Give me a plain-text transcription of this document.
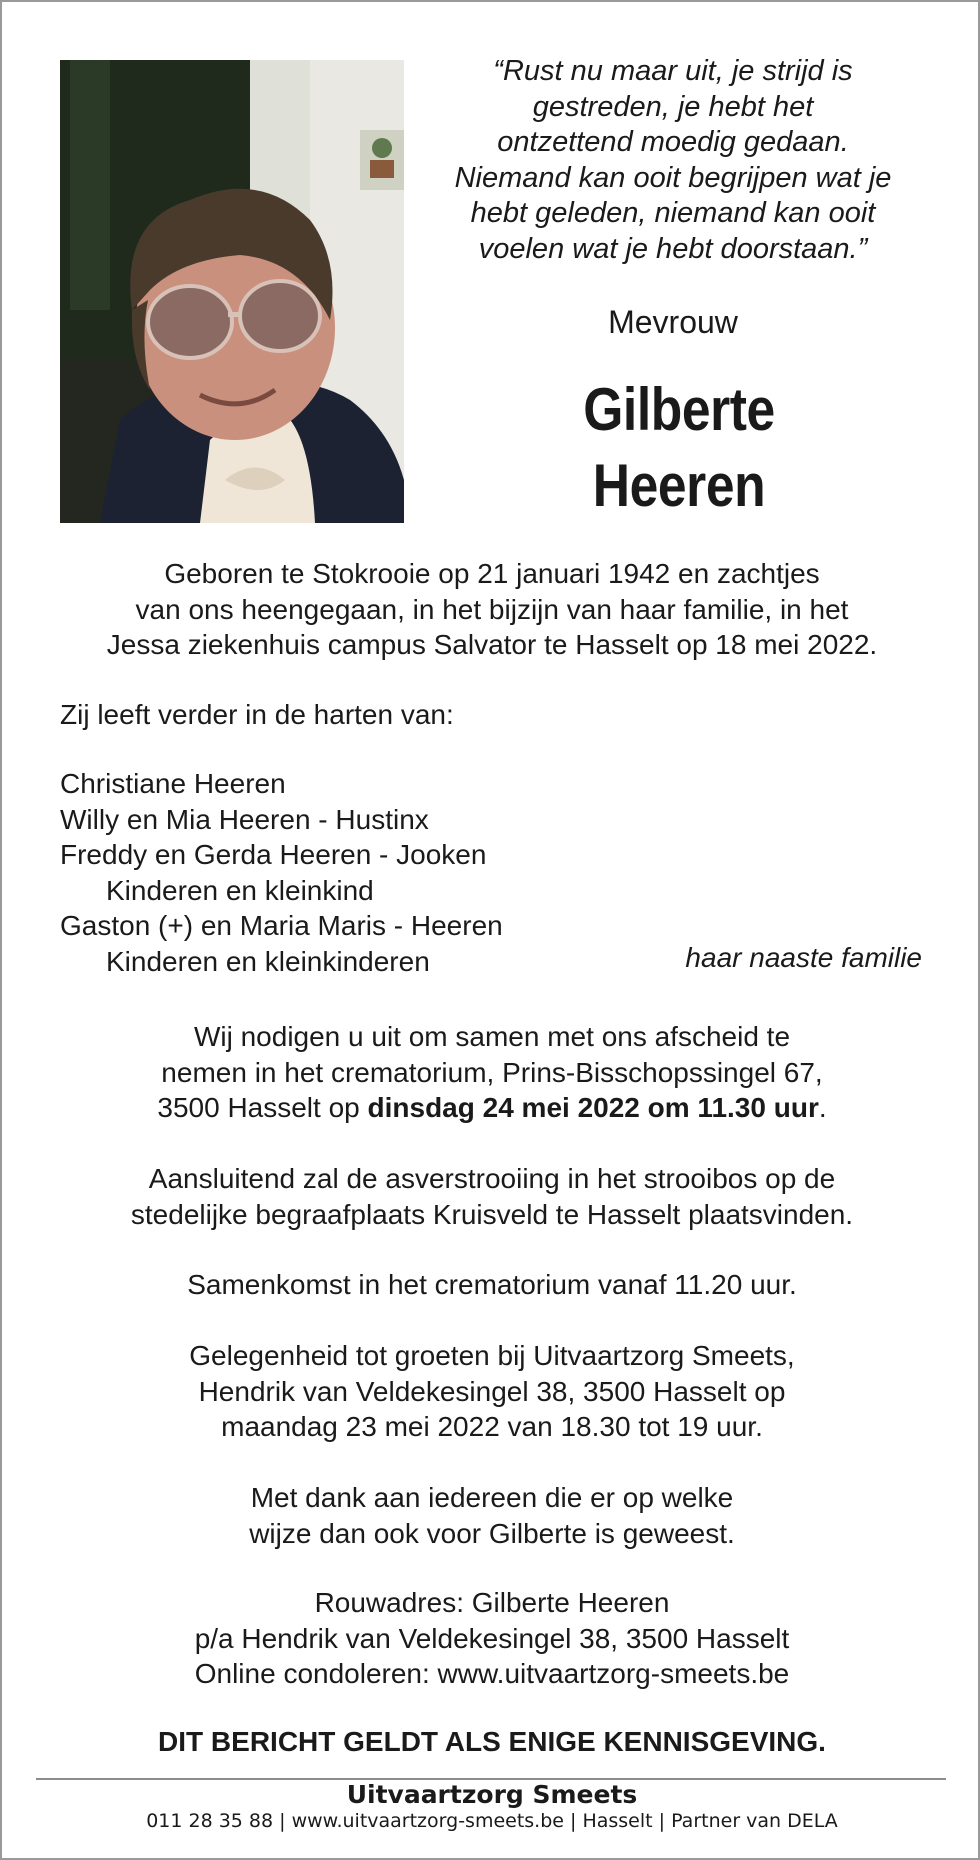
“Rust nu maar uit, je strijd is
gestreden, je hebt het
ontzettend moedig gedaan.
Niemand kan ooit begrijpen wat je
hebt geleden, niemand kan ooit
voelen wat je hebt doorstaan.”
Mevrouw
Gilberte
Heeren
Geboren te Stokrooie op 21 januari 1942 en zachtjes
van ons heengegaan, in het bijzijn van haar familie, in het
Jessa ziekenhuis campus Salvator te Hasselt op 18 mei 2022.
Zij leeft verder in de harten van:
Christiane Heeren
Willy en Mia Heeren - Hustinx
Freddy en Gerda Heeren - Jooken
Kinderen en kleinkind
Gaston (+) en Maria Maris - Heeren
Kinderen en kleinkinderen	haar naaste familie
Wij nodigen u uit om samen met ons afscheid te
nemen in het crematorium, Prins-Bisschopssingel 67,
3500 Hasselt op dinsdag 24 mei 2022 om 11.30 uur.
Aansluitend zal de asverstrooiing in het strooibos op de
stedelijke begraafplaats Kruisveld te Hasselt plaatsvinden.
Samenkomst in het crematorium vanaf 11.20 uur.
Gelegenheid tot groeten bij Uitvaartzorg Smeets,
Hendrik van Veldekesingel 38, 3500 Hasselt op
maandag 23 mei 2022 van 18.30 tot 19 uur.
Met dank aan iedereen die er op welke
wijze dan ook voor Gilberte is geweest.
Rouwadres: Gilberte Heeren
p/a Hendrik van Veldekesingel 38, 3500 Hasselt
Online condoleren: www.uitvaartzorg-smeets.be
DIT BERICHT GELDT ALS ENIGE KENNISGEVING.
Uitvaartzorg Smeets
011 28 35 88 | www.uitvaartzorg-smeets.be | Hasselt | Partner van DELA
